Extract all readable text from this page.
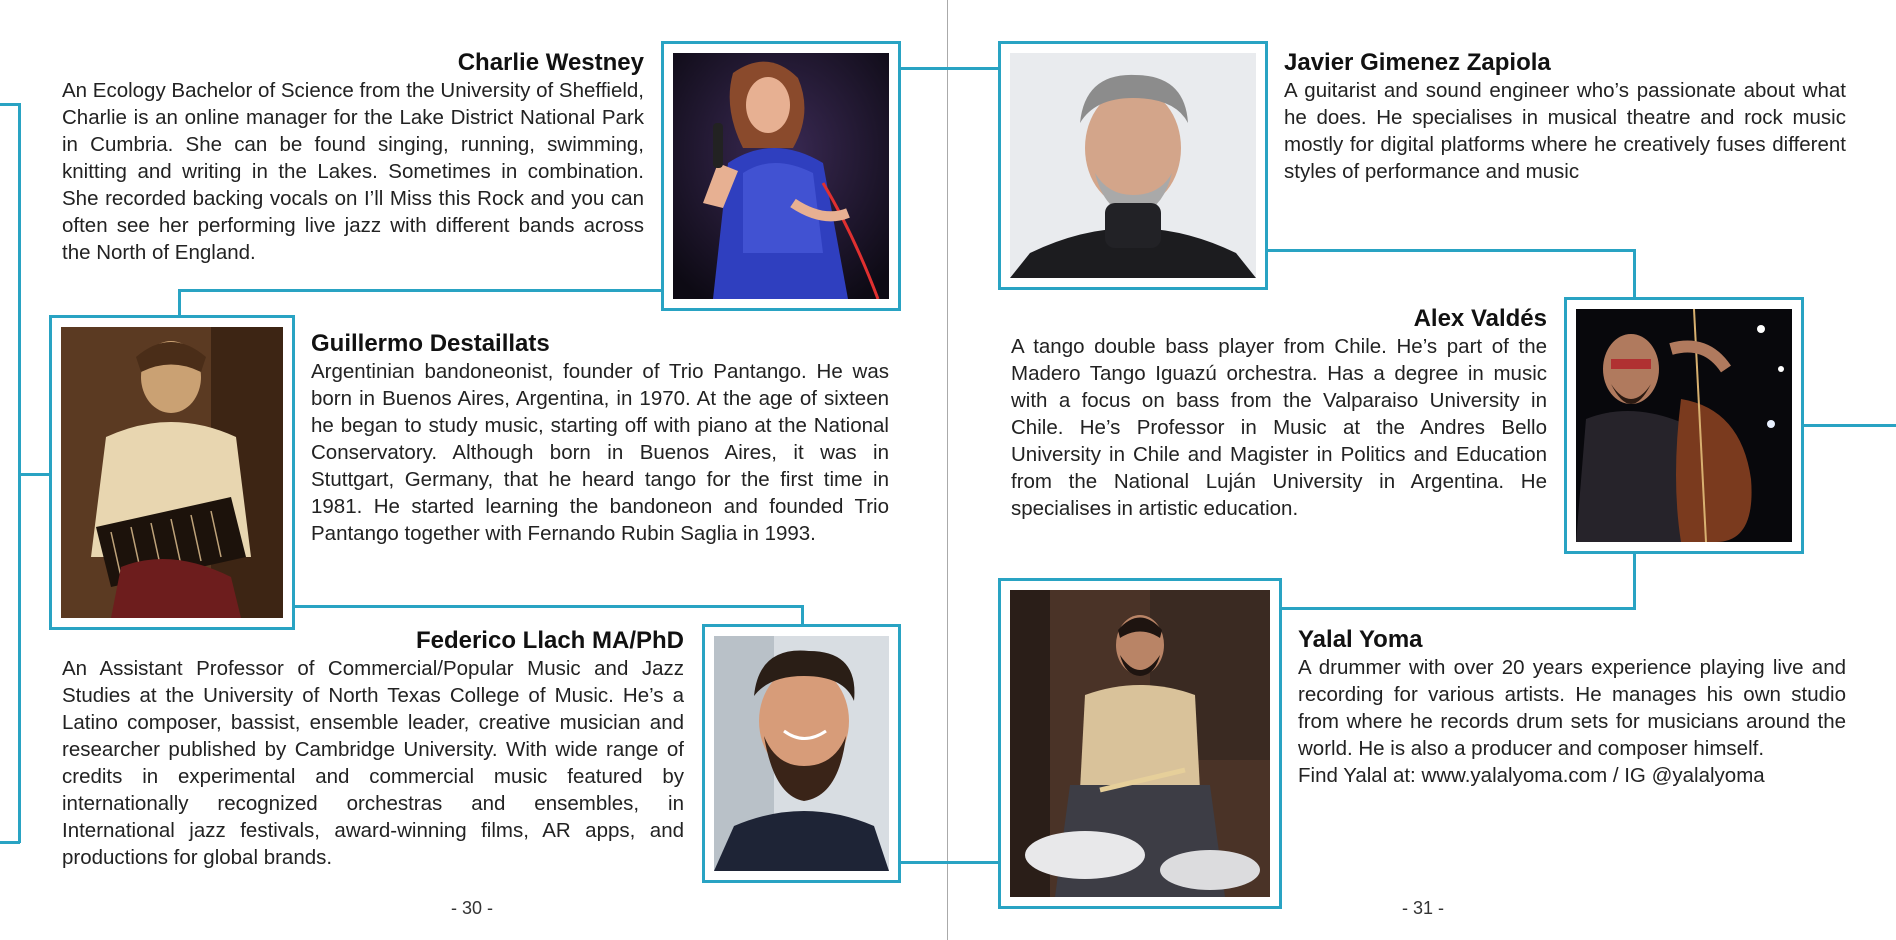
Charlie Westney
An Ecology Bachelor of Science from the University of Sheffield, Charlie is an online manager for the Lake District National Park in Cumbria. She can be found singing, running, swimming, knitting and writing in the Lakes. Sometimes in combination. She recorded backing vocals on I’ll Miss this Rock and you can often see her performing live jazz with different bands across the North of England.
Guillermo Destaillats
Argentinian bandoneonist, founder of Trio Pantango. He was born in Buenos Aires, Argentina, in 1970. At the age of sixteen he began to study music, starting off with piano at the National Conservatory. Although born in Buenos Aires, it was in Stuttgart, Germany, that he heard tango for the first time in 1981. He started learning the bandoneon and founded Trio Pantango together with Fernando Rubin Saglia in 1993.
Federico Llach MA/PhD
An Assistant Professor of Commercial/Popular Music and Jazz Studies at the University of North Texas College of Music. He’s a Latino composer, bassist, ensemble leader, creative musician and researcher published by Cambridge University. With wide range of credits in experimental and commercial music featured by internationally recognized orchestras and ensembles, in International jazz festivals, award-winning films, AR apps, and productions for global brands.
- 30 -
Javier Gimenez Zapiola
A guitarist and sound engineer who’s passionate about what he does. He specialises in musical theatre and rock music mostly for digital platforms where he creatively fuses different styles of performance and music
Alex Valdés
A tango double bass player from Chile. He’s part of the Madero Tango Iguazú orchestra. Has a degree in music with a focus on bass from the Valparaiso University in Chile. He’s Professor in Music at the Andres Bello University in Chile and Magister in Politics and Education from the National Luján University in Argentina. He specialises in artistic education.
Yalal Yoma
A drummer with over 20 years experience playing live and recording for various artists. He manages his own studio from where he records drum sets for musicians around the world. He is also a producer and composer himself.
Find Yalal at: www.yalalyoma.com / IG @yalalyoma
- 31 -
